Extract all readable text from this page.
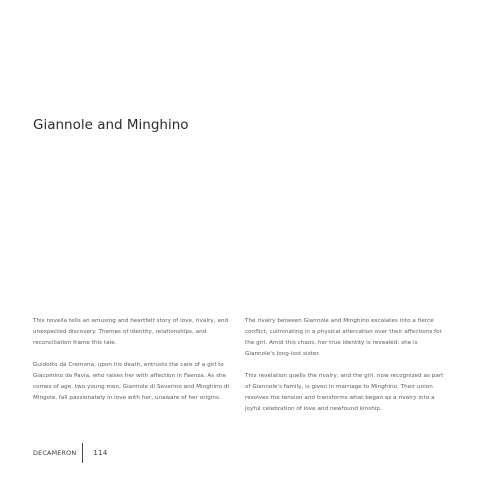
Giannole and Minghino

This novella tells an amusing and heartfelt story of love, rivalry, and unexpected discovery. Themes of identity, relationships, and reconciliation frame this tale.

Guidotto da Cremona, upon his death, entrusts the care of a girl to Giacomino da Pavia, who raises her with affection in Faenza. As she comes of age, two young men, Giannole di Severino and Minghino di Mingole, fall passionately in love with her, unaware of her origins.

The rivalry between Giannole and Minghino escalates into a fierce conflict, culminating in a physical altercation over their affections for the girl. Amid this chaos, her true identity is revealed: she is Giannole's long-lost sister.

This revelation quells the rivalry, and the girl, now recognized as part of Giannole's family, is given in marriage to Minghino. Their union resolves the tension and transforms what began as a rivalry into a joyful celebration of love and newfound kinship.

DECAMERON 114
